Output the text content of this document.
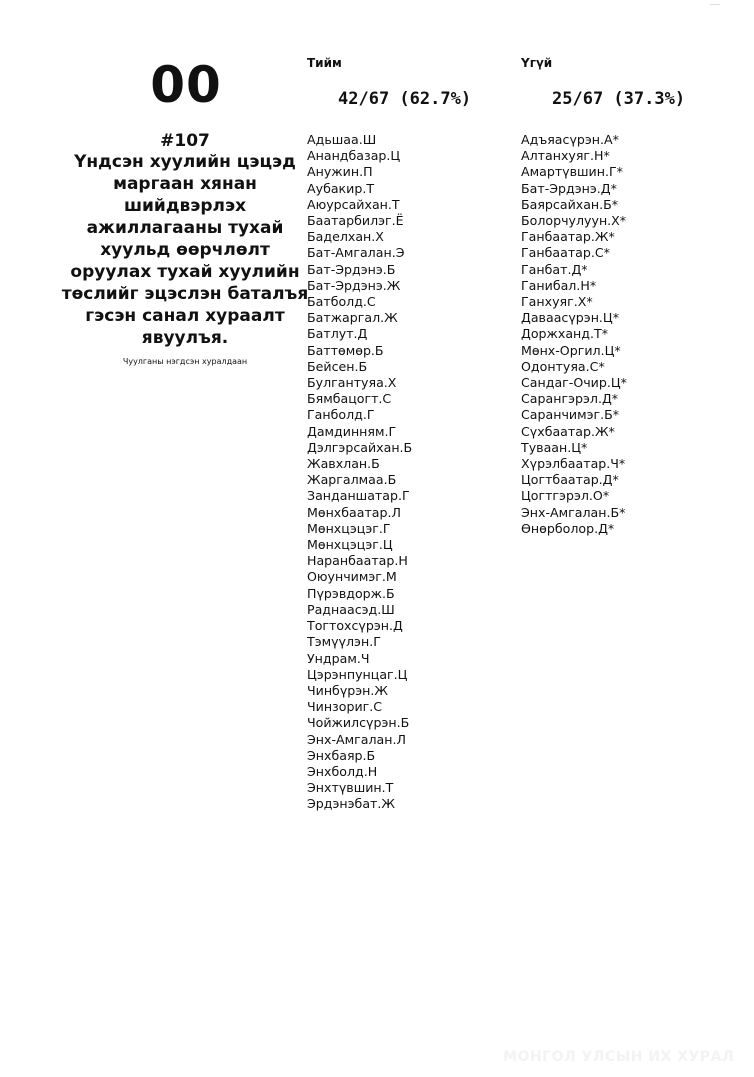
00
#107
Үндсэн хуулийн цэцэд маргаан хянан шийдвэрлэх ажиллагааны тухай хуульд өөрчлөлт оруулах тухай хуулийн төслийг эцэслэн баталъя гэсэн санал хураалт явуулъя.
Чуулганы нэгдсэн хуралдаан
Тийм
42/67 (62.7%)
Адьшаа.Ш
Анандбазар.Ц
Анужин.П
Аубакир.Т
Аюурсайхан.Т
Баатарбилэг.Ё
Баделхан.Х
Бат-Амгалан.Э
Бат-Эрдэнэ.Б
Бат-Эрдэнэ.Ж
Батболд.С
Батжаргал.Ж
Батлут.Д
Баттөмөр.Б
Бейсен.Б
Булгантуяа.Х
Бямбацогт.С
Ганболд.Г
Дамдинням.Г
Дэлгэрсайхан.Б
Жавхлан.Б
Жаргалмаа.Б
Занданшатар.Г
Мөнхбаатар.Л
Мөнхцэцэг.Г
Мөнхцэцэг.Ц
Наранбаатар.Н
Оюунчимэг.М
Пүрэвдорж.Б
Раднаасэд.Ш
Тогтохсүрэн.Д
Тэмүүлэн.Г
Ундрам.Ч
Цэрэнпунцаг.Ц
Чинбүрэн.Ж
Чинзориг.С
Чойжилсүрэн.Б
Энх-Амгалан.Л
Энхбаяр.Б
Энхболд.Н
Энхтүвшин.Т
Эрдэнэбат.Ж
Үгүй
25/67 (37.3%)
Адъяасүрэн.А*
Алтанхуяг.Н*
Амартүвшин.Г*
Бат-Эрдэнэ.Д*
Баярсайхан.Б*
Болорчулуун.Х*
Ганбаатар.Ж*
Ганбаатар.С*
Ганбат.Д*
Ганибал.Н*
Ганхуяг.Х*
Даваасүрэн.Ц*
Доржханд.Т*
Мөнх-Оргил.Ц*
Одонтуяа.С*
Сандаг-Очир.Ц*
Сарангэрэл.Д*
Саранчимэг.Б*
Сүхбаатар.Ж*
Туваан.Ц*
Хүрэлбаатар.Ч*
Цогтбаатар.Д*
Цогтгэрэл.О*
Энх-Амгалан.Б*
Өнөрболор.Д*
МОНГОЛ УЛСЫН ИХ ХУРАЛ
